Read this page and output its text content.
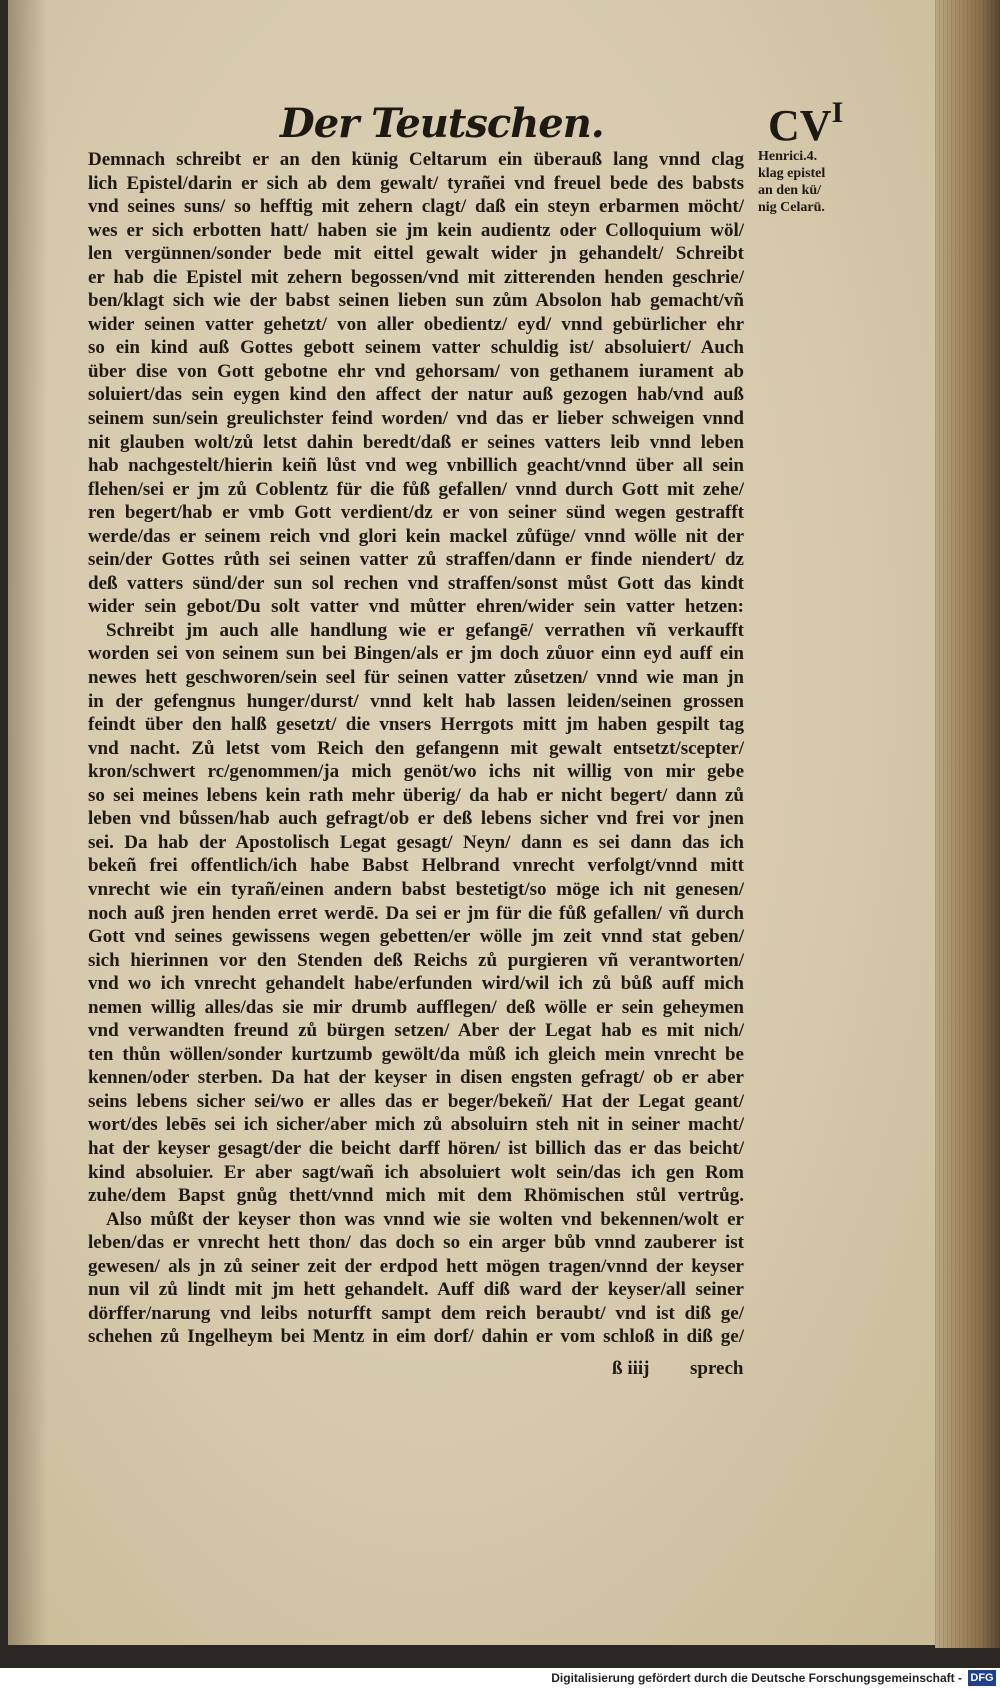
Der Teutschen.	$CV^I$
Henrici.4.
klag epistel
an den kü/
nig Celarū.
Demnach schreibt er an den künig Celtarum ein überauß lang vnnd clag
lich Epistel/darin er sich ab dem gewalt/ tyrañei vnd freuel bede des babsts
vnd seines suns/ so hefftig mit zehern clagt/ daß ein steyn erbarmen möcht/
wes er sich erbotten hatt/ haben sie jm kein audientz oder Colloquium wöl/
len vergünnen/sonder bede mit eittel gewalt wider jn gehandelt/ Schreibt
er hab die Epistel mit zehern begossen/vnd mit zitterenden henden geschrie/
ben/klagt sich wie der babst seinen lieben sun zům Absolon hab gemacht/vñ
wider seinen vatter gehetzt/ von aller obedientz/ eyd/ vnnd gebürlicher ehr
so ein kind auß Gottes gebott seinem vatter schuldig ist/ absoluiert/ Auch
über dise von Gott gebotne ehr vnd gehorsam/ von gethanem iurament ab
soluiert/das sein eygen kind den affect der natur auß gezogen hab/vnd auß
seinem sun/sein greulichster feind worden/ vnd das er lieber schweigen vnnd
nit glauben wolt/zů letst dahin beredt/daß er seines vatters leib vnnd leben
hab nachgestelt/hierin keiñ lůst vnd weg vnbillich geacht/vnnd über all sein
flehen/sei er jm zů Coblentz für die fůß gefallen/ vnnd durch Gott mit zehe/
ren begert/hab er vmb Gott verdient/dz er von seiner sünd wegen gestrafft
werde/das er seinem reich vnd glori kein mackel zůfüge/ vnnd wölle nit der
sein/der Gottes růth sei seinen vatter zů straffen/dann er finde niendert/ dz
deß vatters sünd/der sun sol rechen vnd straffen/sonst můst Gott das kindt
wider sein gebot/Du solt vatter vnd můtter ehren/wider sein vatter hetzen:
Schreibt jm auch alle handlung wie er gefangē/ verrathen vñ verkaufft
worden sei von seinem sun bei Bingen/als er jm doch zůuor einn eyd auff ein
newes hett geschworen/sein seel für seinen vatter zůsetzen/ vnnd wie man jn
in der gefengnus hunger/durst/ vnnd kelt hab lassen leiden/seinen grossen
feindt über den halß gesetzt/ die vnsers Herrgots mitt jm haben gespilt tag
vnd nacht. Zů letst vom Reich den gefangenn mit gewalt entsetzt/scepter/
kron/schwert rc/genommen/ja mich genöt/wo ichs nit willig von mir gebe
so sei meines lebens kein rath mehr überig/ da hab er nicht begert/ dann zů
leben vnd bůssen/hab auch gefragt/ob er deß lebens sicher vnd frei vor jnen
sei. Da hab der Apostolisch Legat gesagt/ Neyn/ dann es sei dann das ich
bekeñ frei offentlich/ich habe Babst Helbrand vnrecht verfolgt/vnnd mitt
vnrecht wie ein tyrañ/einen andern babst bestetigt/so möge ich nit genesen/
noch auß jren henden erret werdē. Da sei er jm für die fůß gefallen/ vñ durch
Gott vnd seines gewissens wegen gebetten/er wölle jm zeit vnnd stat geben/
sich hierinnen vor den Stenden deß Reichs zů purgieren vñ verantworten/
vnd wo ich vnrecht gehandelt habe/erfunden wird/wil ich zů bůß auff mich
nemen willig alles/das sie mir drumb aufflegen/ deß wölle er sein geheymen
vnd verwandten freund zů bürgen setzen/ Aber der Legat hab es mit nich/
ten thůn wöllen/sonder kurtzumb gewölt/da můß ich gleich mein vnrecht be
kennen/oder sterben. Da hat der keyser in disen engsten gefragt/ ob er aber
seins lebens sicher sei/wo er alles das er beger/bekeñ/ Hat der Legat geant/
wort/des lebēs sei ich sicher/aber mich zů absoluirn steh nit in seiner macht/
hat der keyser gesagt/der die beicht darff hören/ ist billich das er das beicht/
kind absoluier. Er aber sagt/wañ ich absoluiert wolt sein/das ich gen Rom
zuhe/dem Bapst gnůg thett/vnnd mich mit dem Rhömischen stůl vertrůg.
Also můßt der keyser thon was vnnd wie sie wolten vnd bekennen/wolt er
leben/das er vnrecht hett thon/ das doch so ein arger bůb vnnd zauberer ist
gewesen/ als jn zů seiner zeit der erdpod hett mögen tragen/vnnd der keyser
nun vil zů lindt mit jm hett gehandelt. Auff diß ward der keyser/all seiner
dörffer/narung vnd leibs noturfft sampt dem reich beraubt/ vnd ist diß ge/
schehen zů Ingelheym bei Mentz in eim dorf/ dahin er vom schloß in diß ge/
ß iiij sprech
Digitalisierung gefördert durch die Deutsche Forschungsgemeinschaft - DFG
